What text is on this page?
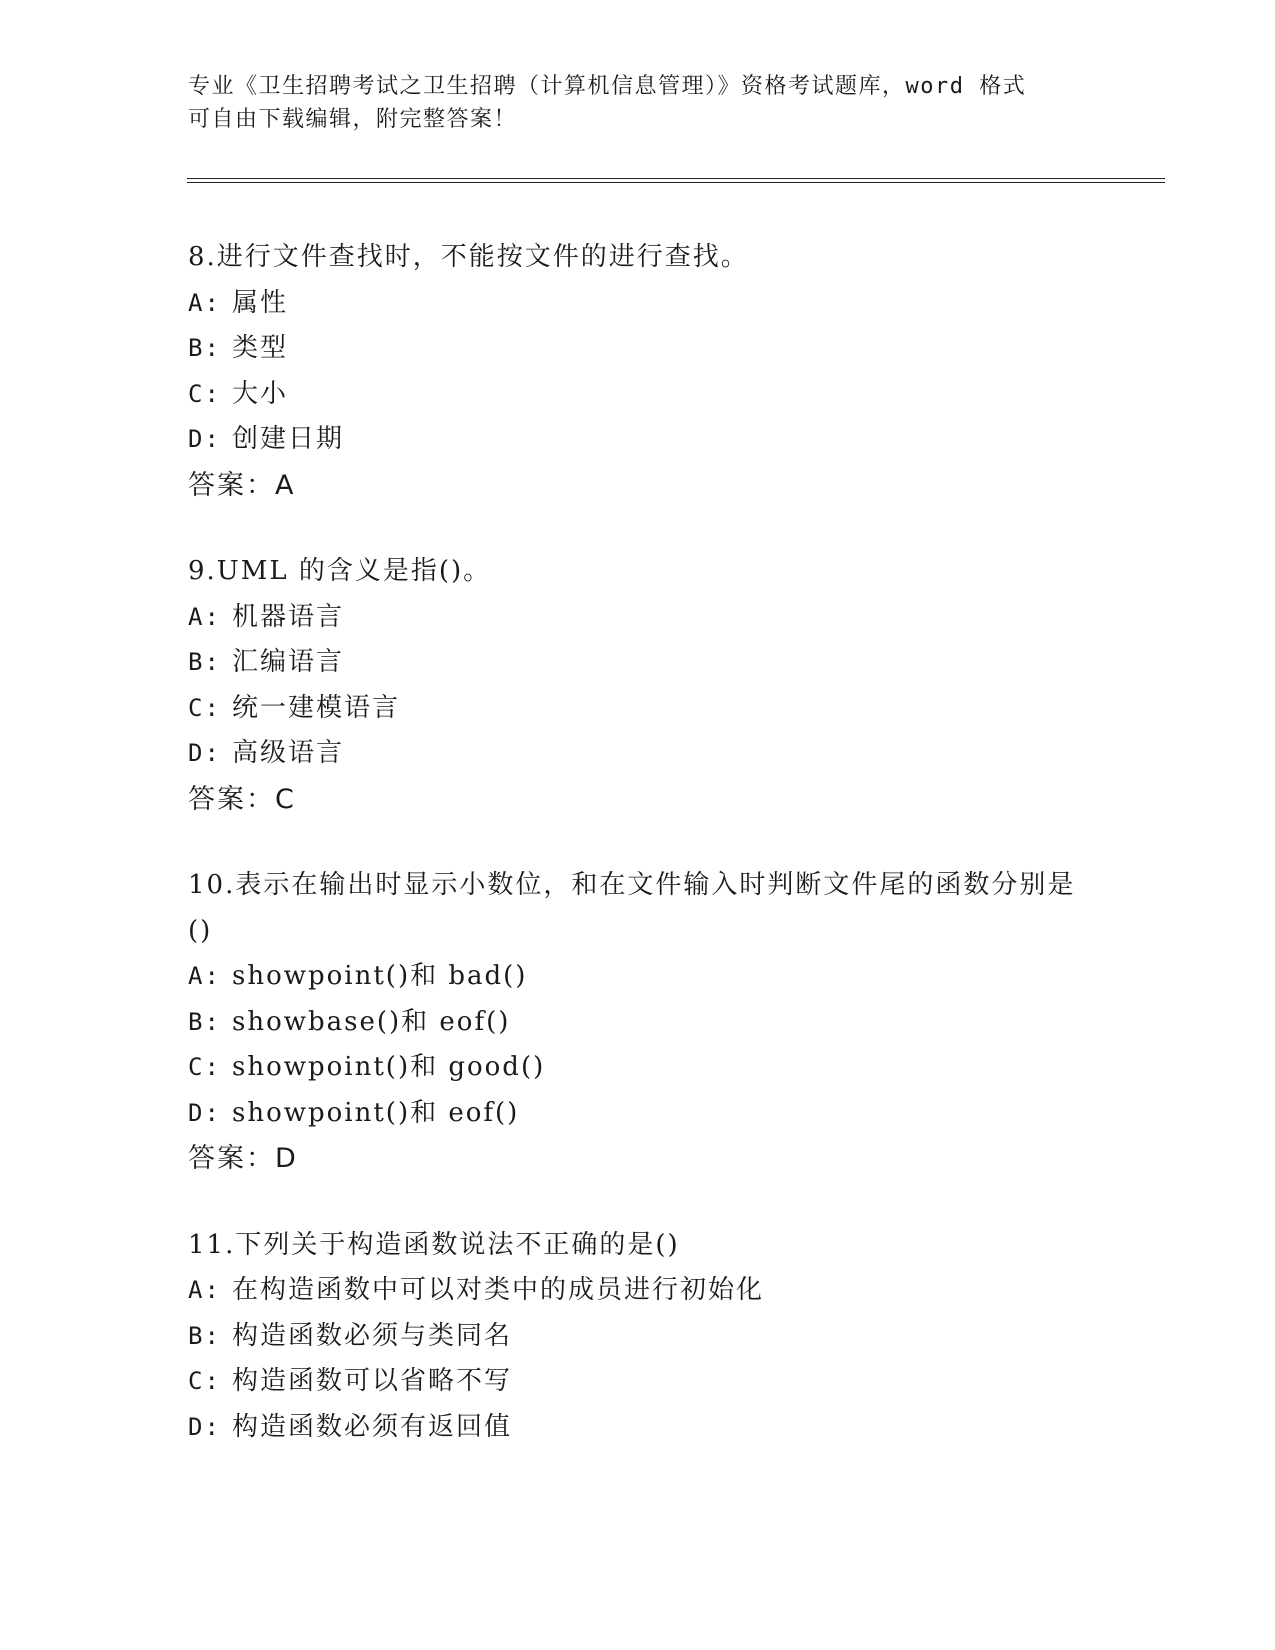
专业《卫生招聘考试之卫生招聘（计算机信息管理）》资格考试题库，word 格式
可自由下载编辑，附完整答案！
8.进行文件查找时，不能按文件的进行查找。
A: 属性
B: 类型
C: 大小
D: 创建日期
答案：A
9.UML 的含义是指()。
A: 机器语言
B: 汇编语言
C: 统一建模语言
D: 高级语言
答案：C
10.表示在输出时显示小数位，和在文件输入时判断文件尾的函数分别是()
A: showpoint()和 bad()
B: showbase()和 eof()
C: showpoint()和 good()
D: showpoint()和 eof()
答案：D
11.下列关于构造函数说法不正确的是()
A: 在构造函数中可以对类中的成员进行初始化
B: 构造函数必须与类同名
C: 构造函数可以省略不写
D: 构造函数必须有返回值
